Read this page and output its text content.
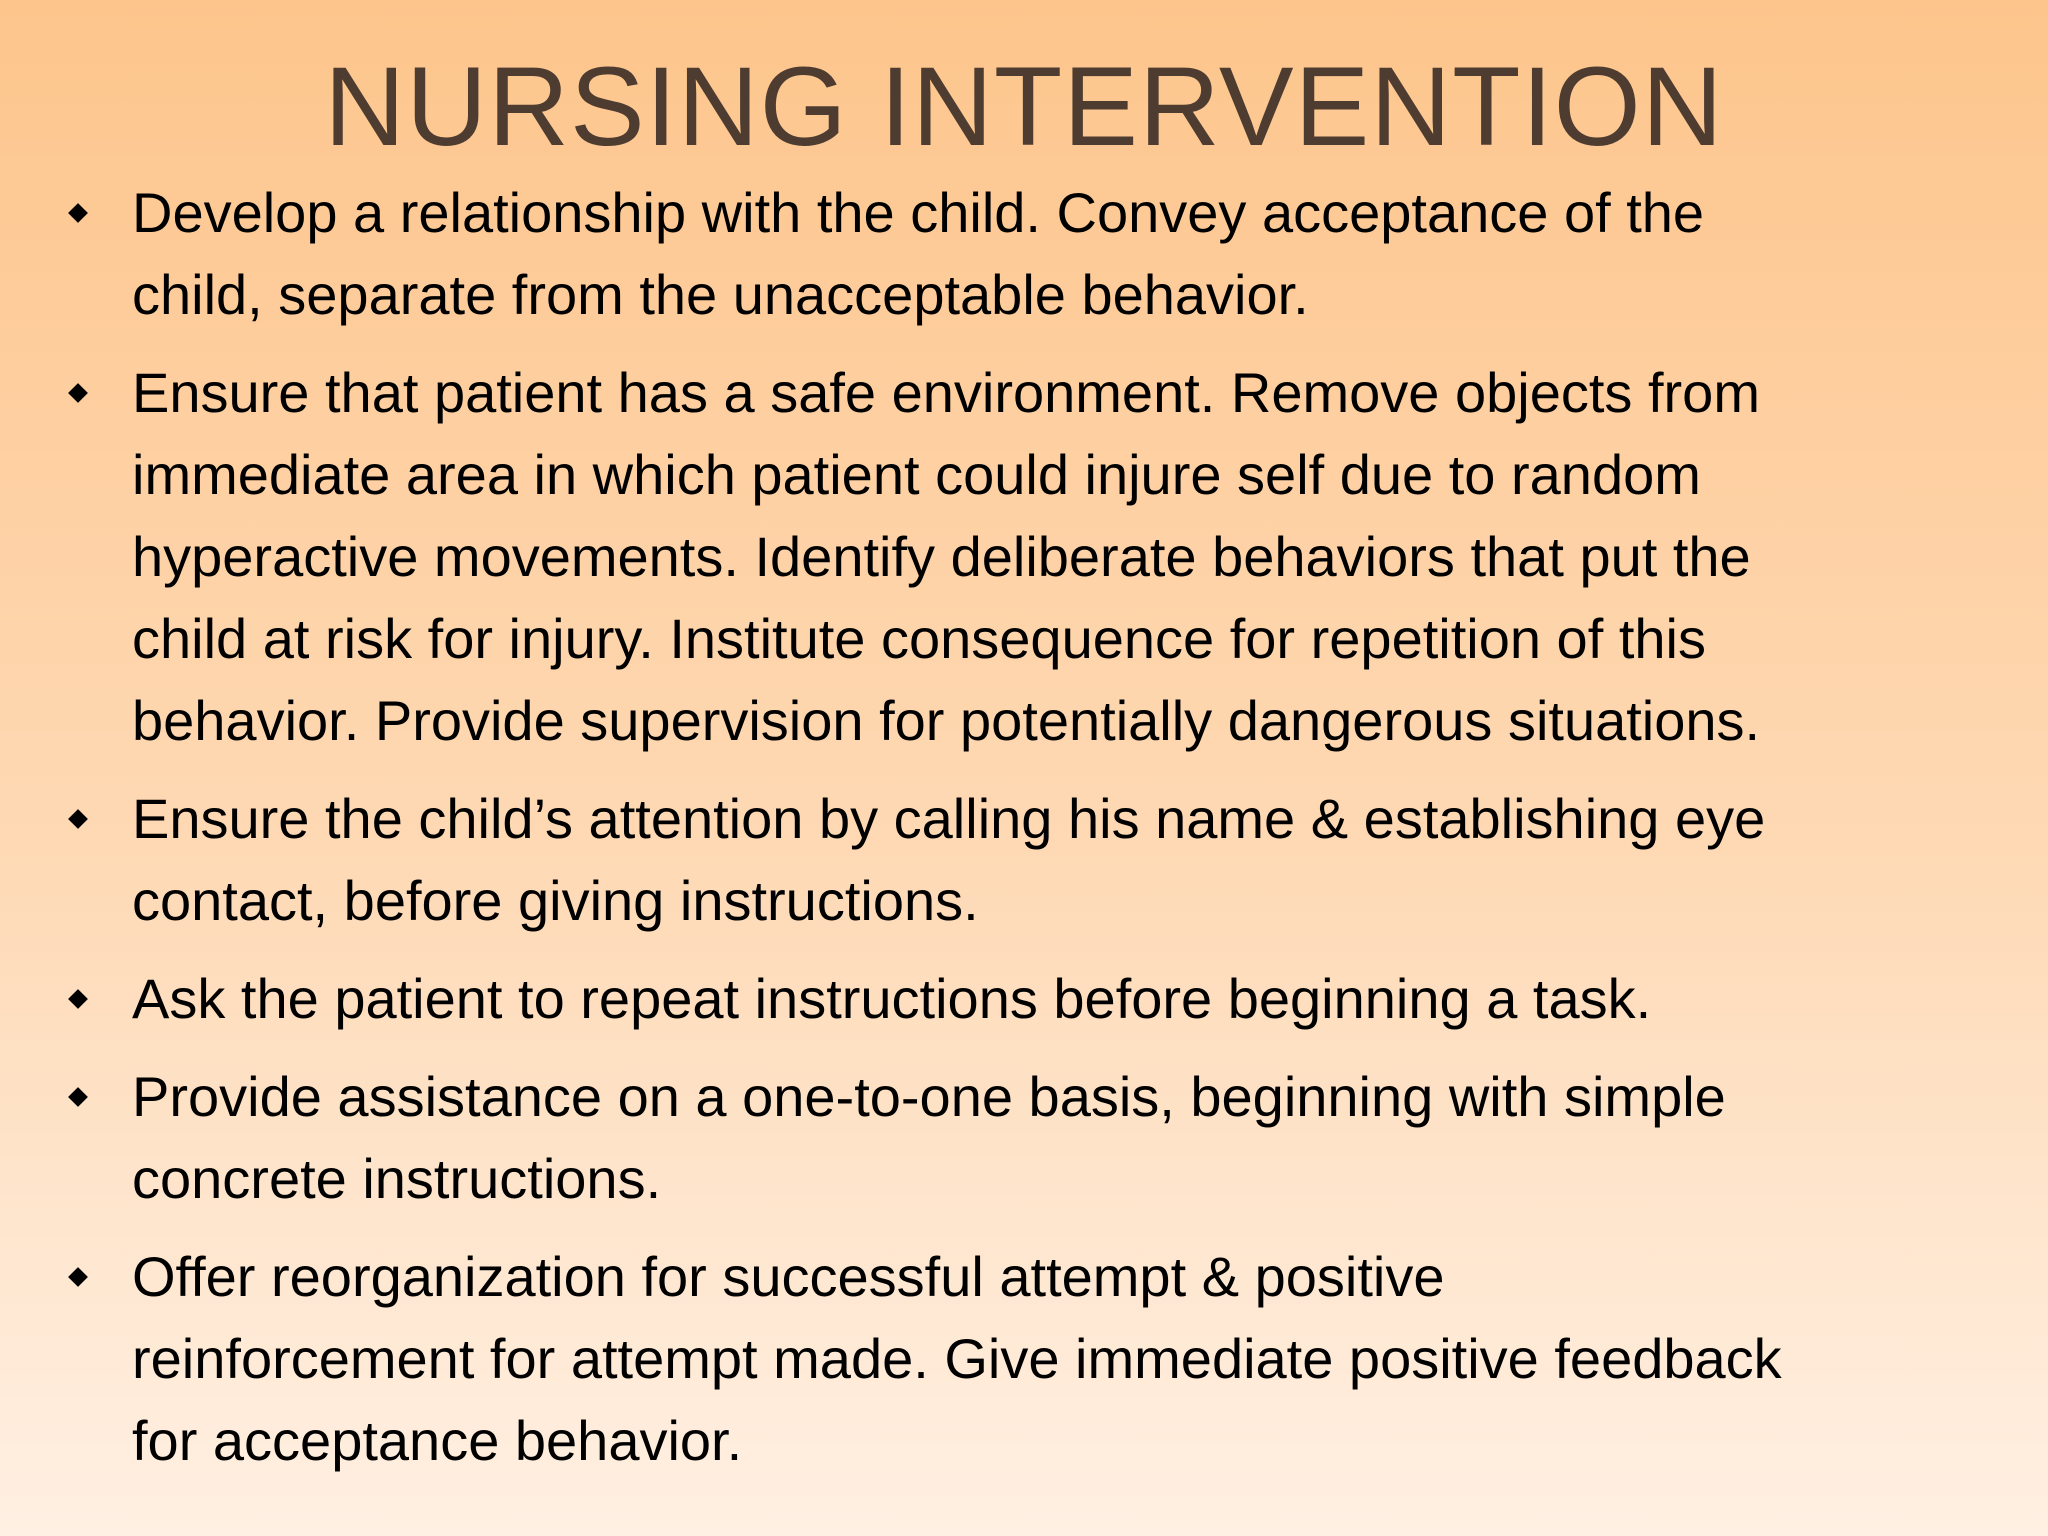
NURSING INTERVENTION
Develop a relationship with the child. Convey acceptance of the
child, separate from the unacceptable behavior.
Ensure that patient has a safe environment. Remove objects from
immediate area in which patient could injure self due to random
hyperactive movements. Identify deliberate behaviors that put the
child at risk for injury. Institute consequence for repetition of this
behavior. Provide supervision for potentially dangerous situations.
Ensure the child’s attention by calling his name & establishing eye
contact, before giving instructions.
Ask the patient to repeat instructions before beginning a task.
Provide assistance on a one-to-one basis, beginning with simple
concrete instructions.
Offer reorganization for successful attempt & positive
reinforcement for attempt made. Give immediate positive feedback
for acceptance behavior.
